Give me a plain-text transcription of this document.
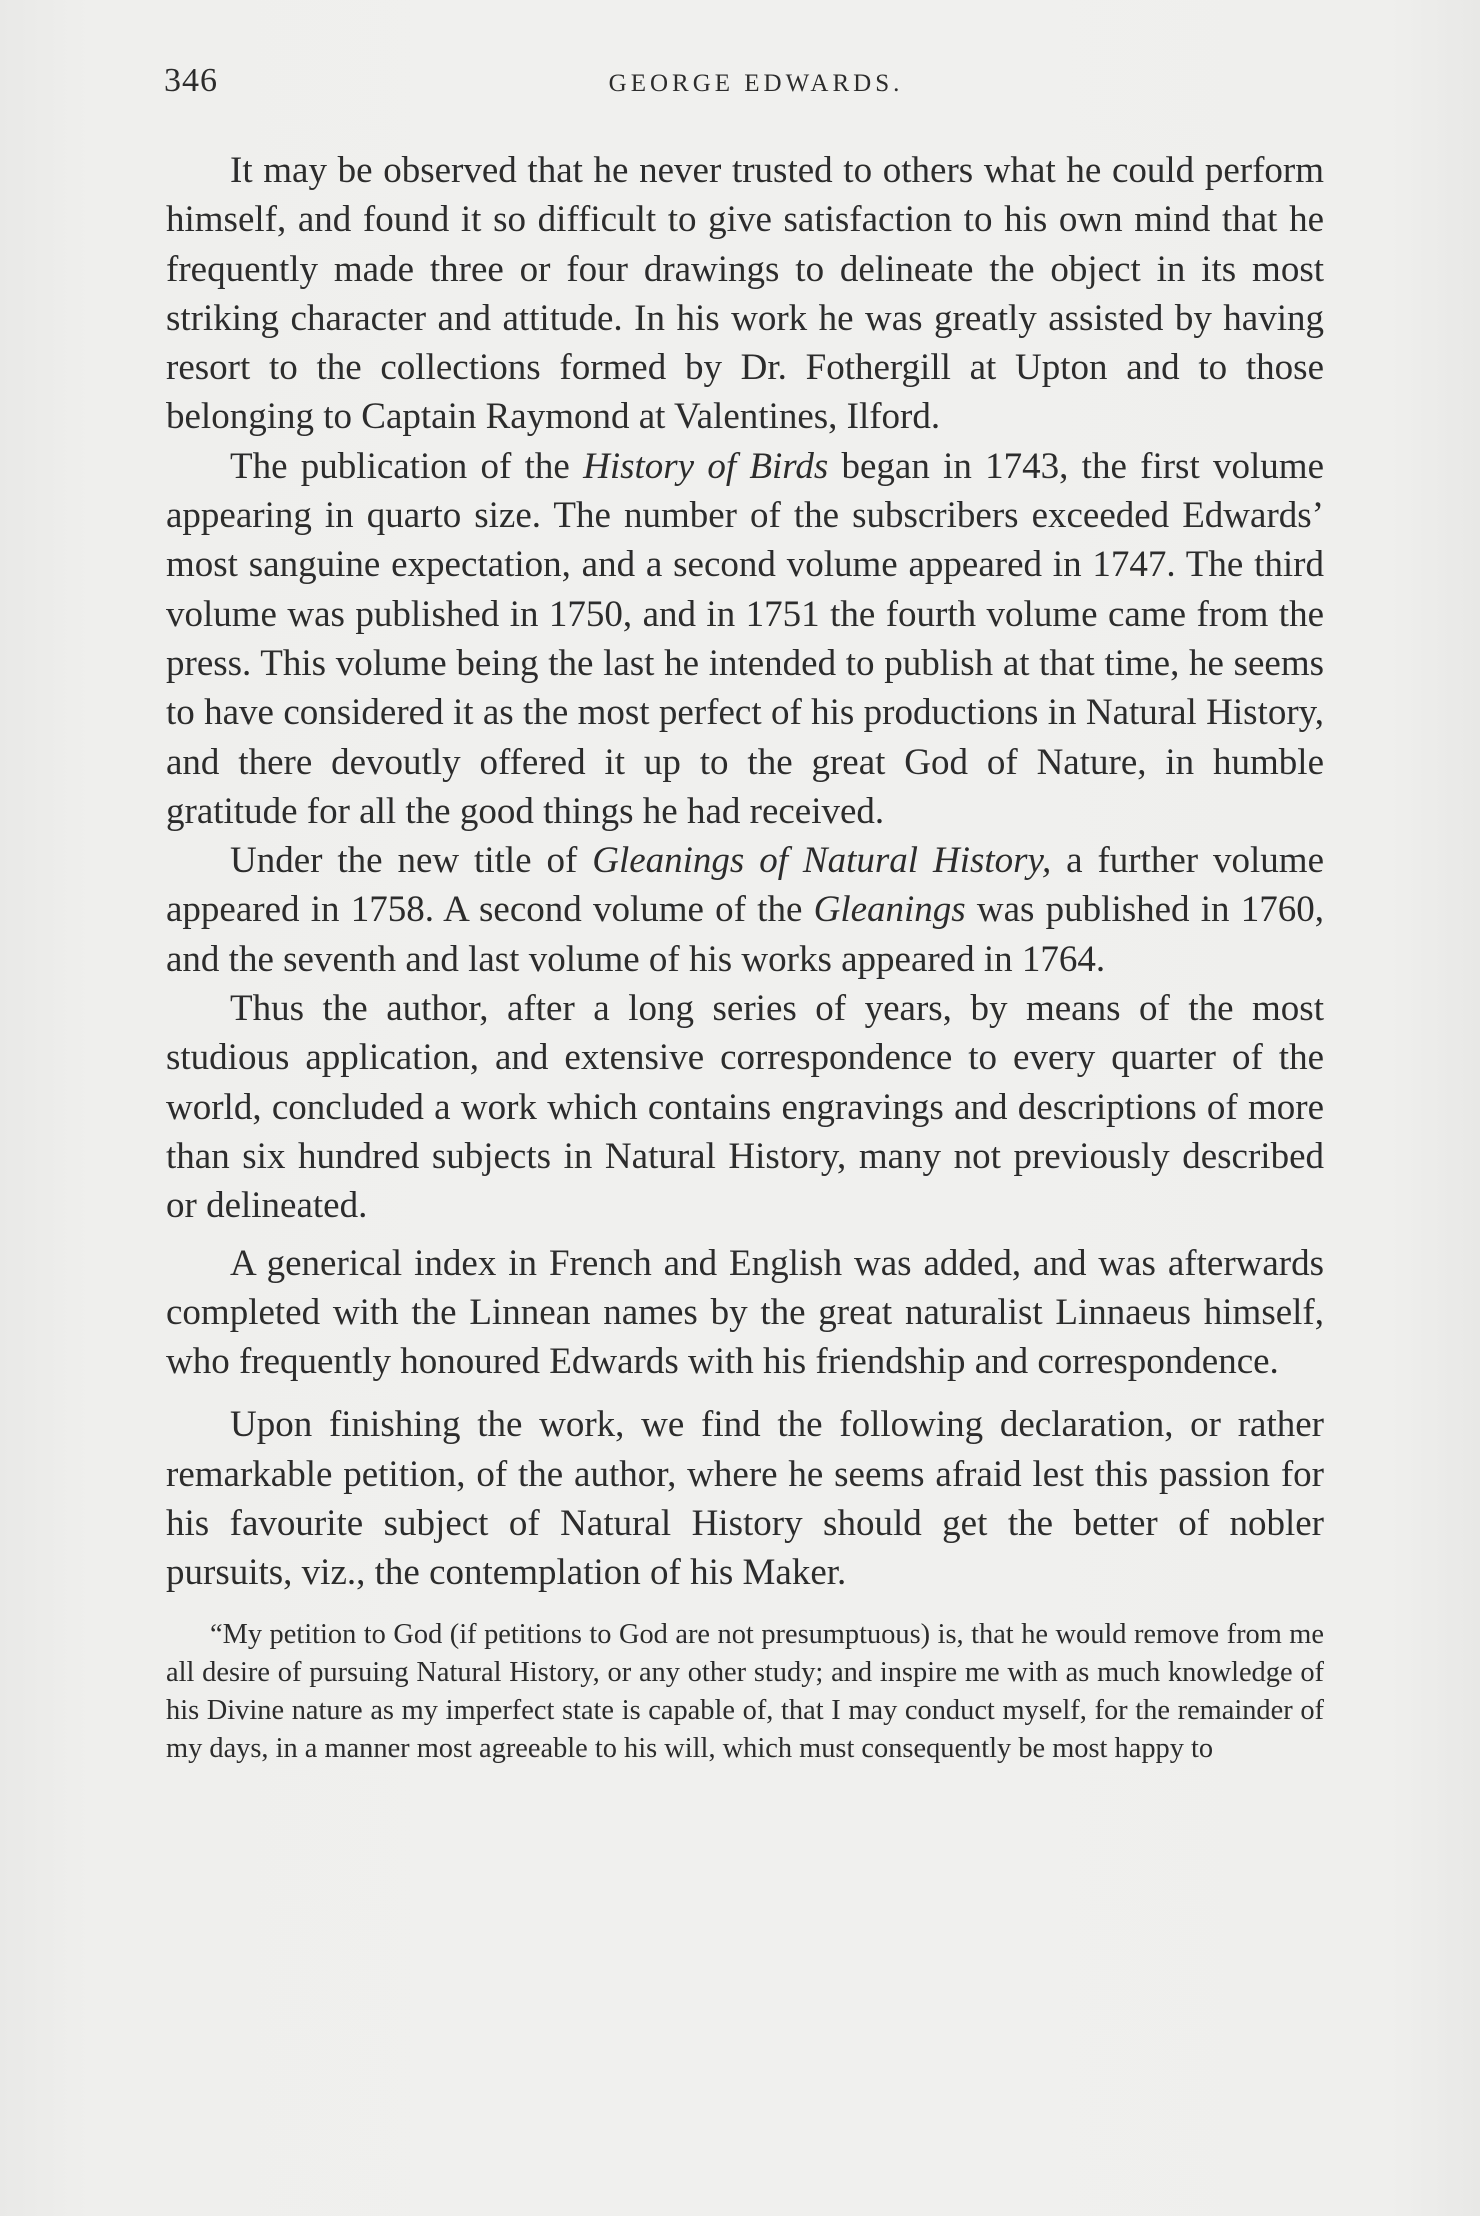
346	GEORGE EDWARDS.

It may be observed that he never trusted to others what he could perform himself, and found it so difficult to give satisfaction to his own mind that he frequently made three or four drawings to delineate the object in its most striking character and attitude. In his work he was greatly assisted by having resort to the collections formed by Dr. Fothergill at Upton and to those belonging to Captain Raymond at Valentines, Ilford.

The publication of the History of Birds began in 1743, the first volume appearing in quarto size. The number of the subscribers exceeded Edwards’ most sanguine expectation, and a second volume appeared in 1747. The third volume was published in 1750, and in 1751 the fourth volume came from the press. This volume being the last he intended to publish at that time, he seems to have considered it as the most perfect of his productions in Natural History, and there devoutly offered it up to the great God of Nature, in humble gratitude for all the good things he had received.

Under the new title of Gleanings of Natural History, a further volume appeared in 1758. A second volume of the Gleanings was published in 1760, and the seventh and last volume of his works appeared in 1764.

Thus the author, after a long series of years, by means of the most studious application, and extensive correspondence to every quarter of the world, concluded a work which contains engravings and descriptions of more than six hundred subjects in Natural History, many not previously described or delineated.

A generical index in French and English was added, and was afterwards completed with the Linnean names by the great naturalist Linnaeus himself, who frequently honoured Edwards with his friendship and correspondence.

Upon finishing the work, we find the following declaration, or rather remarkable petition, of the author, where he seems afraid lest this passion for his favourite subject of Natural History should get the better of nobler pursuits, viz., the contemplation of his Maker.

“My petition to God (if petitions to God are not presumptuous) is, that he would remove from me all desire of pursuing Natural History, or any other study; and inspire me with as much knowledge of his Divine nature as my imperfect state is capable of, that I may conduct myself, for the remainder of my days, in a manner most agreeable to his will, which must consequently be most happy to
